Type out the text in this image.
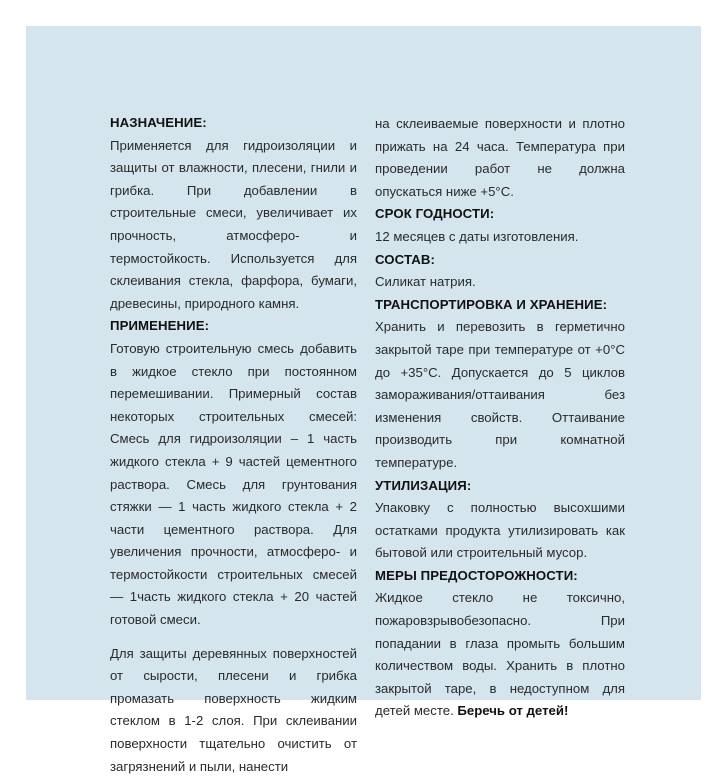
НАЗНАЧЕНИЕ:

Применяется для гидроизоляции и защиты от влажности, плесени, гнили и грибка. При добавлении в строительные смеси, увеличивает их прочность, атмосферо- и термостойкость. Используется для склеивания стекла, фарфора, бумаги, древесины, природного камня.

ПРИМЕНЕНИЕ:

Готовую строительную смесь добавить в жидкое стекло при постоянном перемешивании. Примерный состав некоторых строительных смесей: Смесь для гидроизоляции – 1 часть жидкого стекла + 9 частей цементного раствора. Смесь для грунтования стяжки — 1 часть жидкого стекла + 2 части цементного раствора. Для увеличения прочности, атмосферо- и термостойкости строительных смесей — 1часть жидкого стекла + 20 частей готовой смеси.

Для защиты деревянных поверхностей от сырости, плесени и грибка промазать поверхность жидким стеклом в 1-2 слоя. При склеивании поверхности тщательно очистить от загрязнений и пыли, нанести

на склеиваемые поверхности и плотно прижать на 24 часа. Температура при проведении работ не должна опускаться ниже +5°С.

СРОК ГОДНОСТИ:

12 месяцев с даты изготовления.

СОСТАВ:

Силикат натрия.

ТРАНСПОРТИРОВКА И ХРАНЕНИЕ:

Хранить и перевозить в герметично закрытой таре при температуре от +0°С до +35°С. Допускается до 5 циклов замораживания/оттаивания без изменения свойств. Оттаивание производить при комнатной температуре.

УТИЛИЗАЦИЯ:

Упаковку с полностью высохшими остатками продукта утилизировать как бытовой или строительный мусор.

МЕРЫ ПРЕДОСТОРОЖНОСТИ:

Жидкое стекло не токсично, пожаровзрывобезопасно. При попадании в глаза промыть большим количеством воды. Хранить в плотно закрытой таре, в недоступном для детей месте. Беречь от детей!
